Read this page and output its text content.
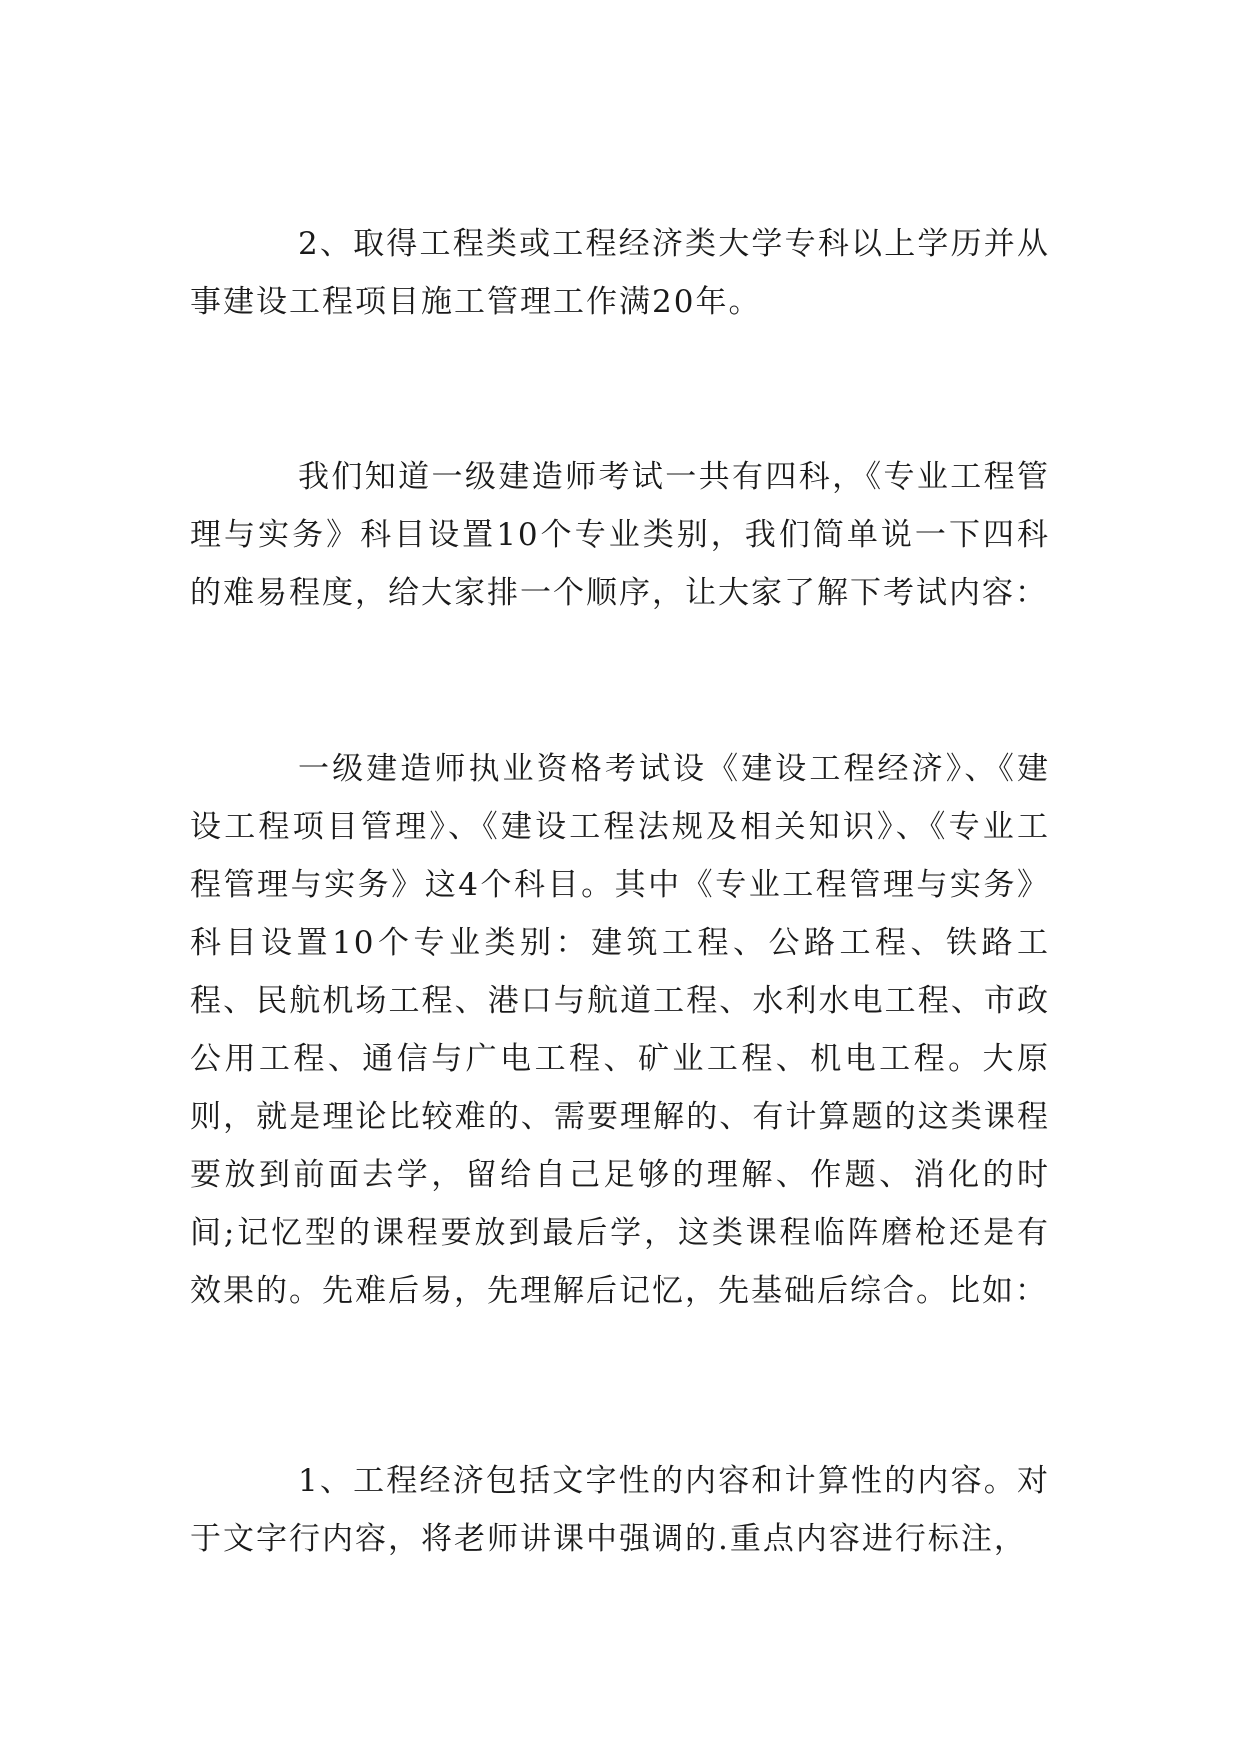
2、取得工程类或工程经济类大学专科以上学历并从事建设工程项目施工管理工作满20年。

我们知道一级建造师考试一共有四科，《专业工程管理与实务》科目设置10个专业类别，我们简单说一下四科的难易程度，给大家排一个顺序，让大家了解下考试内容：

一级建造师执业资格考试设《建设工程经济》、《建设工程项目管理》、《建设工程法规及相关知识》、《专业工程管理与实务》这4个科目。其中《专业工程管理与实务》科目设置10个专业类别：建筑工程、公路工程、铁路工程、民航机场工程、港口与航道工程、水利水电工程、市政公用工程、通信与广电工程、矿业工程、机电工程。大原则，就是理论比较难的、需要理解的、有计算题的这类课程要放到前面去学，留给自己足够的理解、作题、消化的时间;记忆型的课程要放到最后学，这类课程临阵磨枪还是有效果的。先难后易，先理解后记忆，先基础后综合。比如：

1、工程经济包括文字性的内容和计算性的内容。对于文字行内容，将老师讲课中强调的.重点内容进行标注，
